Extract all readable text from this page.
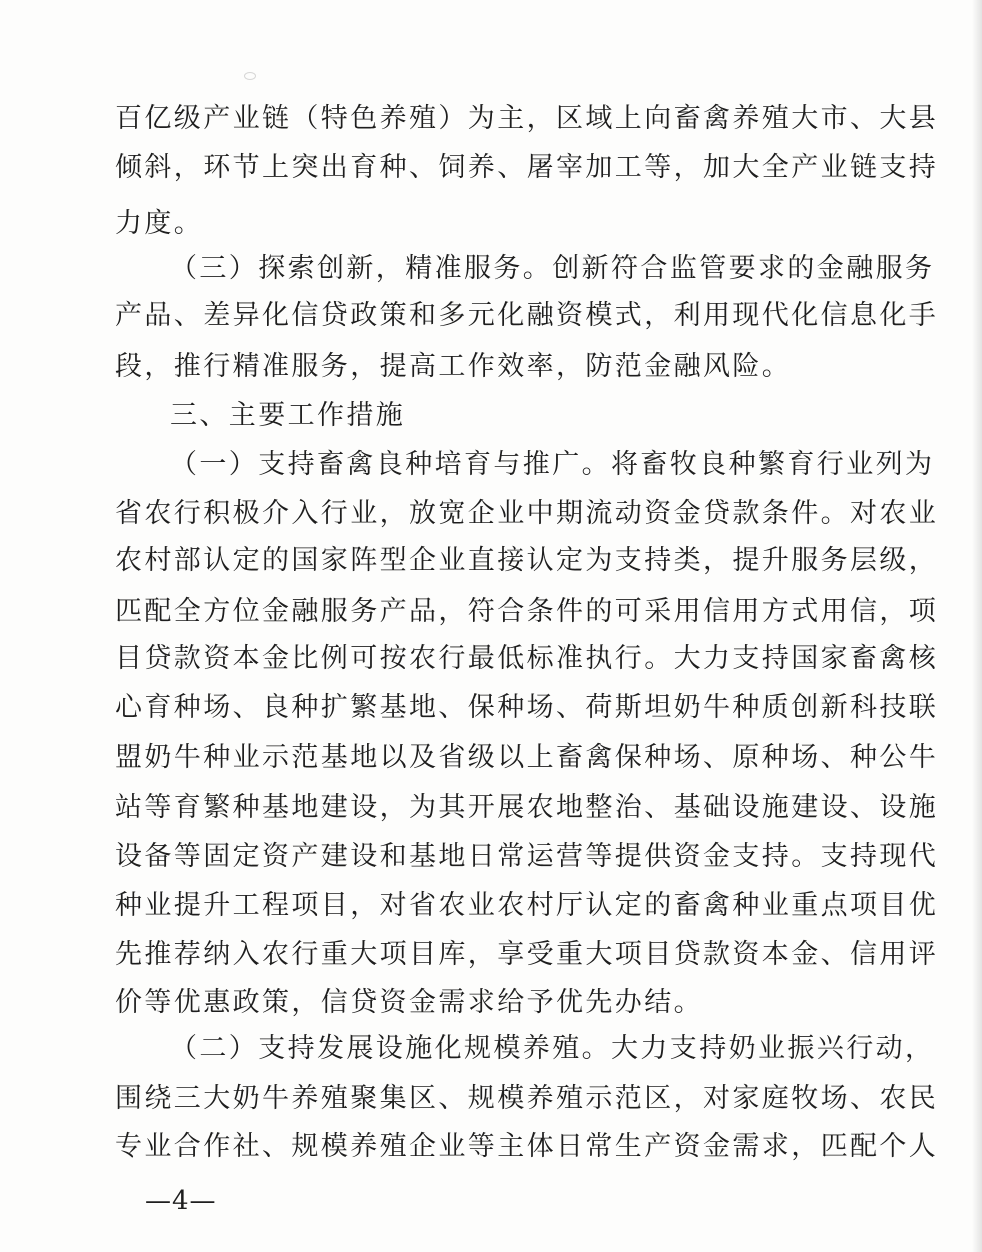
百亿级产业链（特色养殖）为主，区域上向畜禽养殖大市、大县
倾斜，环节上突出育种、饲养、屠宰加工等，加大全产业链支持
力度。
（三）探索创新，精准服务。创新符合监管要求的金融服务
产品、差异化信贷政策和多元化融资模式，利用现代化信息化手
段，推行精准服务，提高工作效率，防范金融风险。
三、主要工作措施
（一）支持畜禽良种培育与推广。将畜牧良种繁育行业列为
省农行积极介入行业，放宽企业中期流动资金贷款条件。对农业
农村部认定的国家阵型企业直接认定为支持类，提升服务层级，
匹配全方位金融服务产品，符合条件的可采用信用方式用信，项
目贷款资本金比例可按农行最低标准执行。大力支持国家畜禽核
心育种场、良种扩繁基地、保种场、荷斯坦奶牛种质创新科技联
盟奶牛种业示范基地以及省级以上畜禽保种场、原种场、种公牛
站等育繁种基地建设，为其开展农地整治、基础设施建设、设施
设备等固定资产建设和基地日常运营等提供资金支持。支持现代
种业提升工程项目，对省农业农村厅认定的畜禽种业重点项目优
先推荐纳入农行重大项目库，享受重大项目贷款资本金、信用评
价等优惠政策，信贷资金需求给予优先办结。
（二）支持发展设施化规模养殖。大力支持奶业振兴行动，
围绕三大奶牛养殖聚集区、规模养殖示范区，对家庭牧场、农民
专业合作社、规模养殖企业等主体日常生产资金需求，匹配个人
—4—
